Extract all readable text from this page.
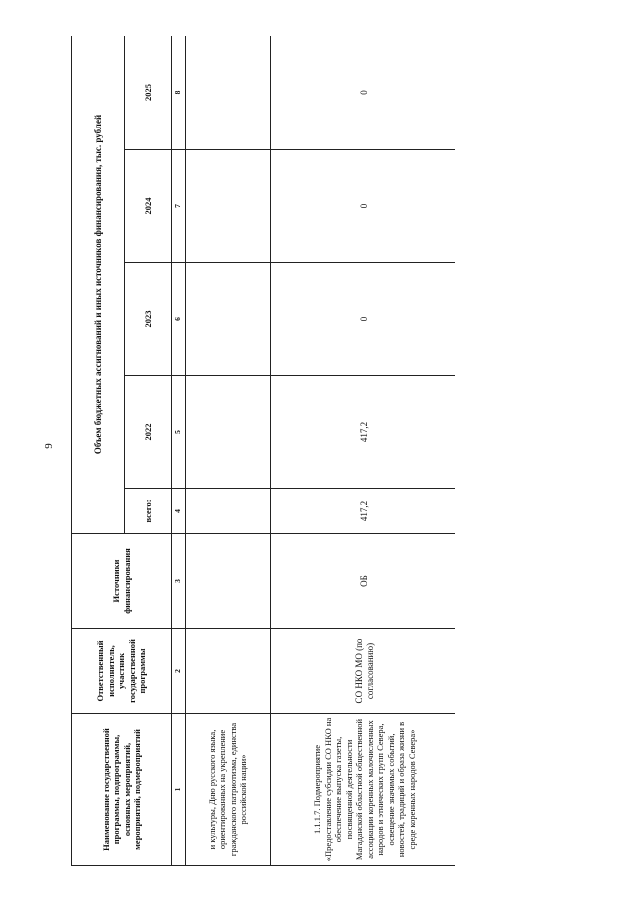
9
Наименование государственной программы, подпрограммы, основных мероприятий, мероприятий, подмероприятий	Ответственный исполнитель, участник государственной программы	Источники финансирования	Объем бюджетных ассигнований и иных источников финансирования, тыс. рублей				
			всего:	2022	2023	2024	2025
1	2	3	4	5	6	7	8
и культуры, Дню русского языка, ориентированных на укрепление гражданского патриотизма, единства российской нации»							
1.1.1.7. Подмероприятие «Предоставление субсидии СО НКО на обеспечение выпуска газеты, посвященной деятельности Магаданской областной общественной ассоциации коренных малочисленных народов и этнических групп Севера, освещение значимых событий, новостей, традиций и образа жизни в среде коренных народов Севера»	СО НКО МО (по согласованию)	ОБ	417,2	417,2	0	0	0
